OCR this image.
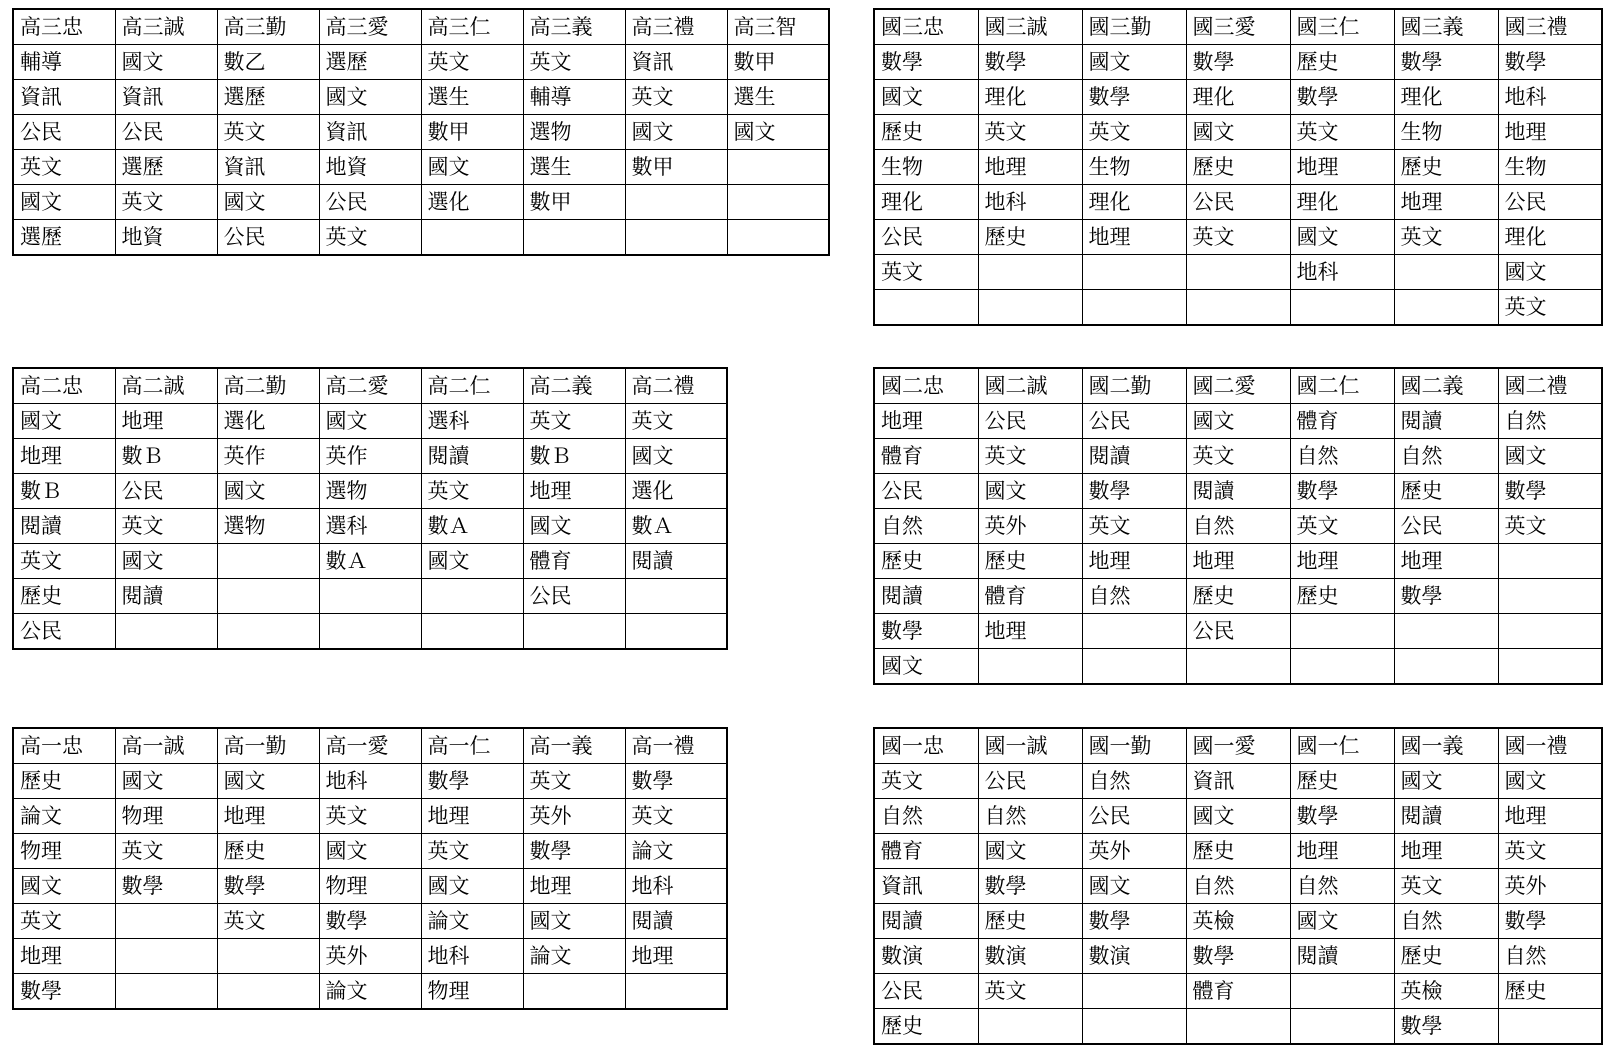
高三忠	高三誠	高三勤	高三愛	高三仁	高三義	高三禮	高三智
輔導	國文	數乙	選歷	英文	英文	資訊	數甲
資訊	資訊	選歷	國文	選生	輔導	英文	選生
公民	公民	英文	資訊	數甲	選物	國文	國文
英文	選歷	資訊	地資	國文	選生	數甲	
國文	英文	國文	公民	選化	數甲		
選歷	地資	公民	英文				
國三忠	國三誠	國三勤	國三愛	國三仁	國三義	國三禮
數學	數學	國文	數學	歷史	數學	數學
國文	理化	數學	理化	數學	理化	地科
歷史	英文	英文	國文	英文	生物	地理
生物	地理	生物	歷史	地理	歷史	生物
理化	地科	理化	公民	理化	地理	公民
公民	歷史	地理	英文	國文	英文	理化
英文				地科		國文
						英文
高二忠	高二誠	高二勤	高二愛	高二仁	高二義	高二禮
國文	地理	選化	國文	選科	英文	英文
地理	數Ｂ	英作	英作	閱讀	數Ｂ	國文
數Ｂ	公民	國文	選物	英文	地理	選化
閱讀	英文	選物	選科	數Ａ	國文	數Ａ
英文	國文		數Ａ	國文	體育	閱讀
歷史	閱讀				公民	
公民						
國二忠	國二誠	國二勤	國二愛	國二仁	國二義	國二禮
地理	公民	公民	國文	體育	閱讀	自然
體育	英文	閱讀	英文	自然	自然	國文
公民	國文	數學	閱讀	數學	歷史	數學
自然	英外	英文	自然	英文	公民	英文
歷史	歷史	地理	地理	地理	地理	
閱讀	體育	自然	歷史	歷史	數學	
數學	地理		公民			
國文						
高一忠	高一誠	高一勤	高一愛	高一仁	高一義	高一禮
歷史	國文	國文	地科	數學	英文	數學
論文	物理	地理	英文	地理	英外	英文
物理	英文	歷史	國文	英文	數學	論文
國文	數學	數學	物理	國文	地理	地科
英文		英文	數學	論文	國文	閱讀
地理			英外	地科	論文	地理
數學			論文	物理		
國一忠	國一誠	國一勤	國一愛	國一仁	國一義	國一禮
英文	公民	自然	資訊	歷史	國文	國文
自然	自然	公民	國文	數學	閱讀	地理
體育	國文	英外	歷史	地理	地理	英文
資訊	數學	國文	自然	自然	英文	英外
閱讀	歷史	數學	英檢	國文	自然	數學
數演	數演	數演	數學	閱讀	歷史	自然
公民	英文		體育		英檢	歷史
歷史					數學	
